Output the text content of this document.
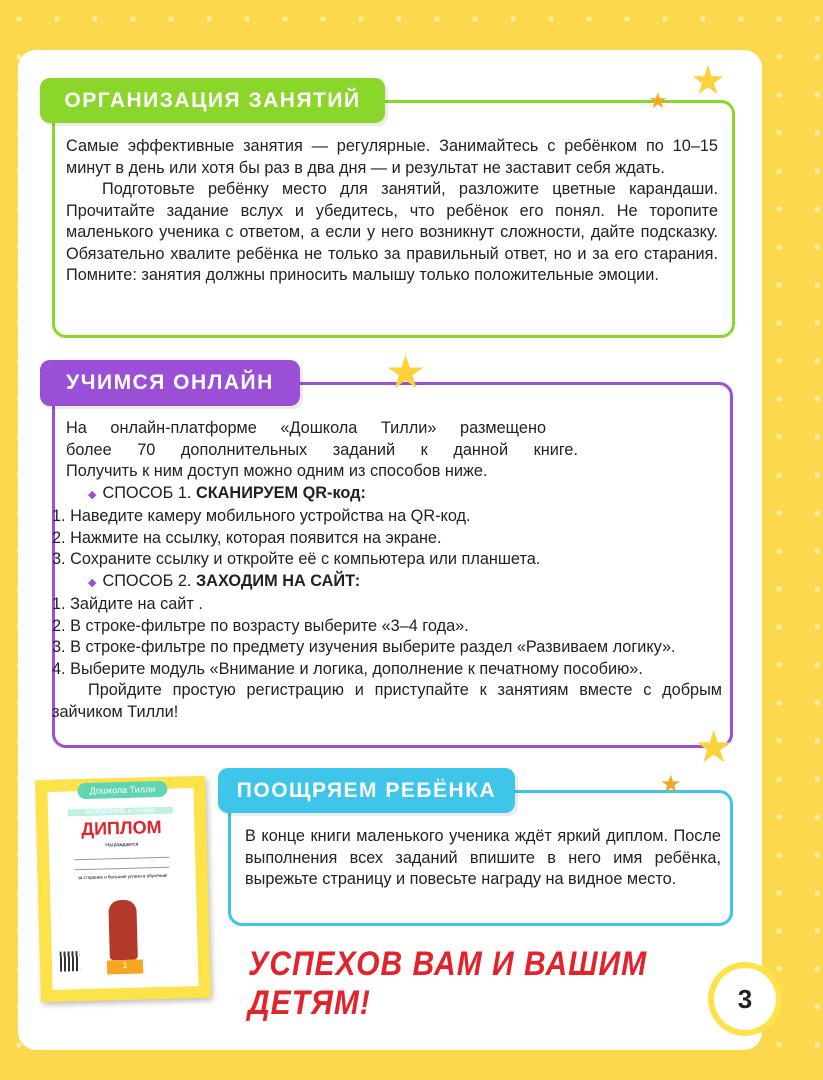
ОРГАНИЗАЦИЯ ЗАНЯТИЙ	★
★

Самые эффективные занятия — регулярные. Занимайтесь с ребёнком по 10–15 минут в день или хотя бы раз в два дня — и результат не заставит себя ждать.

Подготовьте ребёнку место для занятий, разложите цветные карандаши. Прочитайте задание вслух и убедитесь, что ребёнок его понял. Не торопите маленького ученика с ответом, а если у него возникнут сложности, дайте подсказку. Обязательно хвалите ребёнка не только за правильный ответ, но и за его старания. Помните: занятия должны приносить малышу только положительные эмоции.

УЧИМСЯ ОНЛАЙН	★
★

На онлайн-платформе «Дошкола Тилли» размещено

более 70 дополнительных заданий к данной книге.

Получить к ним доступ можно одним из способов ниже.

◆ СПОСОБ 1. СКАНИРУЕМ QR-код:

1. Наведите камеру мобильного устройства на QR-код.

2. Нажмите на ссылку, которая появится на экране.

3. Сохраните ссылку и откройте её с компьютера или планшета.

◆ СПОСОБ 2. ЗАХОДИМ НА САЙТ:

1. Зайдите на сайт .

2. В строке-фильтре по возрасту выберите «3–4 года».

3. В строке-фильтре по предмету изучения выберите раздел «Развиваем логику».

4. Выберите модуль «Внимание и логика, дополнение к печатному пособию».

Пройдите простую регистрацию и приступайте к занятиям вместе с добрым зайчиком Тилли!

ПООЩРЯЕМ РЕБЁНКА	★
В конце книги маленького ученика ждёт яркий диплом. После выполнения всех заданий впишите в него имя ребёнка, вырежьте страницу и повесьте награду на видное место.
Дошкола Тилли
ВНИМАНИЕ и логика
ДИПЛОМ
Награждается
за старание и большие успехи в обучении!
1	УСПЕХОВ ВАМ И ВАШИМ ДЕТЯМ!	3
